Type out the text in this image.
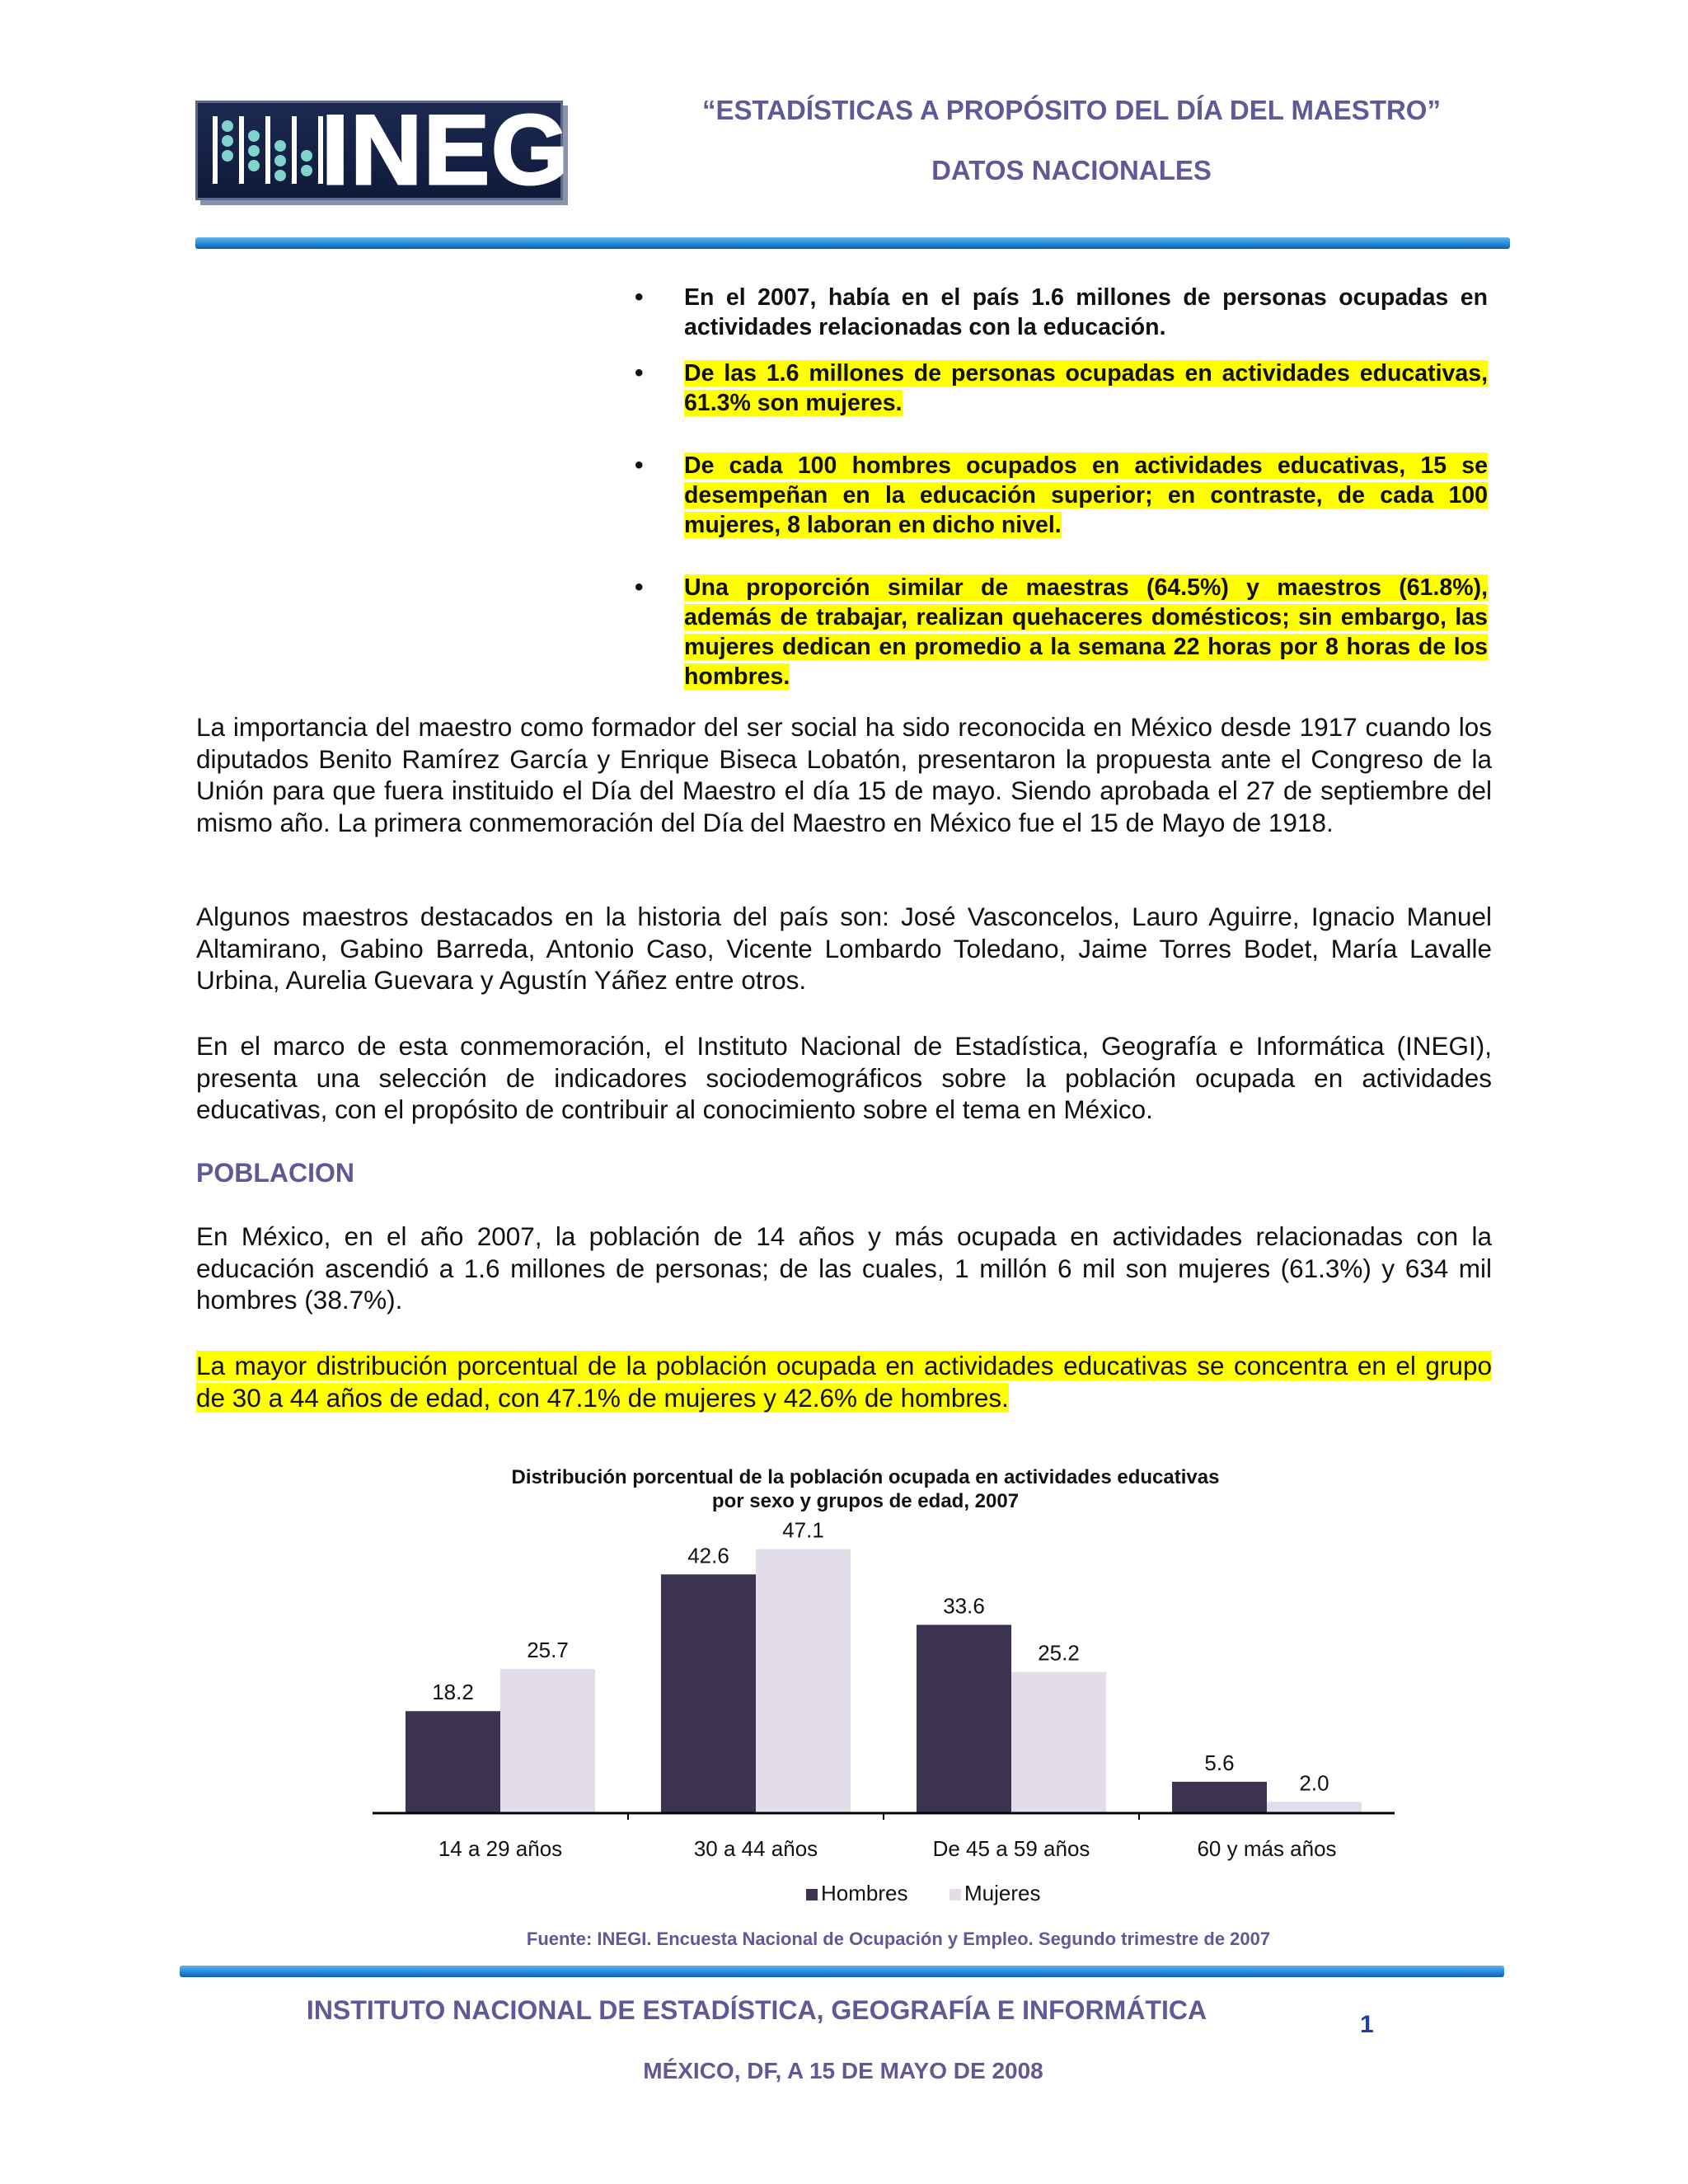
INEGI	“ESTADÍSTICAS A PROPÓSITO DEL DÍA DEL MAESTRO”
DATOS NACIONALES

• En el 2007, había en el país 1.6 millones de personas ocupadas en actividades relacionadas con la educación.

• De las 1.6 millones de personas ocupadas en actividades educativas, 61.3% son mujeres.

• De cada 100 hombres ocupados en actividades educativas, 15 se desempeñan en la educación superior; en contraste, de cada 100 mujeres, 8 laboran en dicho nivel.

• Una proporción similar de maestras (64.5%) y maestros (61.8%), además de trabajar, realizan quehaceres domésticos; sin embargo, las mujeres dedican en promedio a la semana 22 horas por 8 horas de los hombres.

La importancia del maestro como formador del ser social ha sido reconocida en México desde 1917 cuando los diputados Benito Ramírez García y Enrique Biseca Lobatón, presentaron la propuesta ante el Congreso de la Unión para que fuera instituido el Día del Maestro el día 15 de mayo. Siendo aprobada el 27 de septiembre del mismo año. La primera conmemoración del Día del Maestro en México fue el 15 de Mayo de 1918.

Algunos maestros destacados en la historia del país son: José Vasconcelos, Lauro Aguirre, Ignacio Manuel Altamirano, Gabino Barreda, Antonio Caso, Vicente Lombardo Toledano, Jaime Torres Bodet, María Lavalle Urbina, Aurelia Guevara y Agustín Yáñez entre otros.

En el marco de esta conmemoración, el Instituto Nacional de Estadística, Geografía e Informática (INEGI), presenta una selección de indicadores sociodemográficos sobre la población ocupada en actividades educativas, con el propósito de contribuir al conocimiento sobre el tema en México.

POBLACION

En México, en el año 2007, la población de 14 años y más ocupada en actividades relacionadas con la educación ascendió a 1.6 millones de personas; de las cuales, 1 millón 6 mil son mujeres (61.3%) y 634 mil hombres (38.7%).

La mayor distribución porcentual de la población ocupada en actividades educativas se concentra en el grupo de 30 a 44 años de edad, con 47.1% de mujeres y 42.6% de hombres.

Distribución porcentual de la población ocupada en actividades educativas
por sexo y grupos de edad, 2007
18.2
25.7
42.6
47.1
33.6
25.2
5.6
2.0
14 a 29 años	30 a 44 años	De 45 a 59 años	60 y más años
Hombres	Mujeres
Fuente: INEGI. Encuesta Nacional de Ocupación y Empleo. Segundo trimestre de 2007
INSTITUTO NACIONAL DE ESTADÍSTICA, GEOGRAFÍA E INFORMÁTICA	1
MÉXICO, DF, A 15 DE MAYO DE 2008
